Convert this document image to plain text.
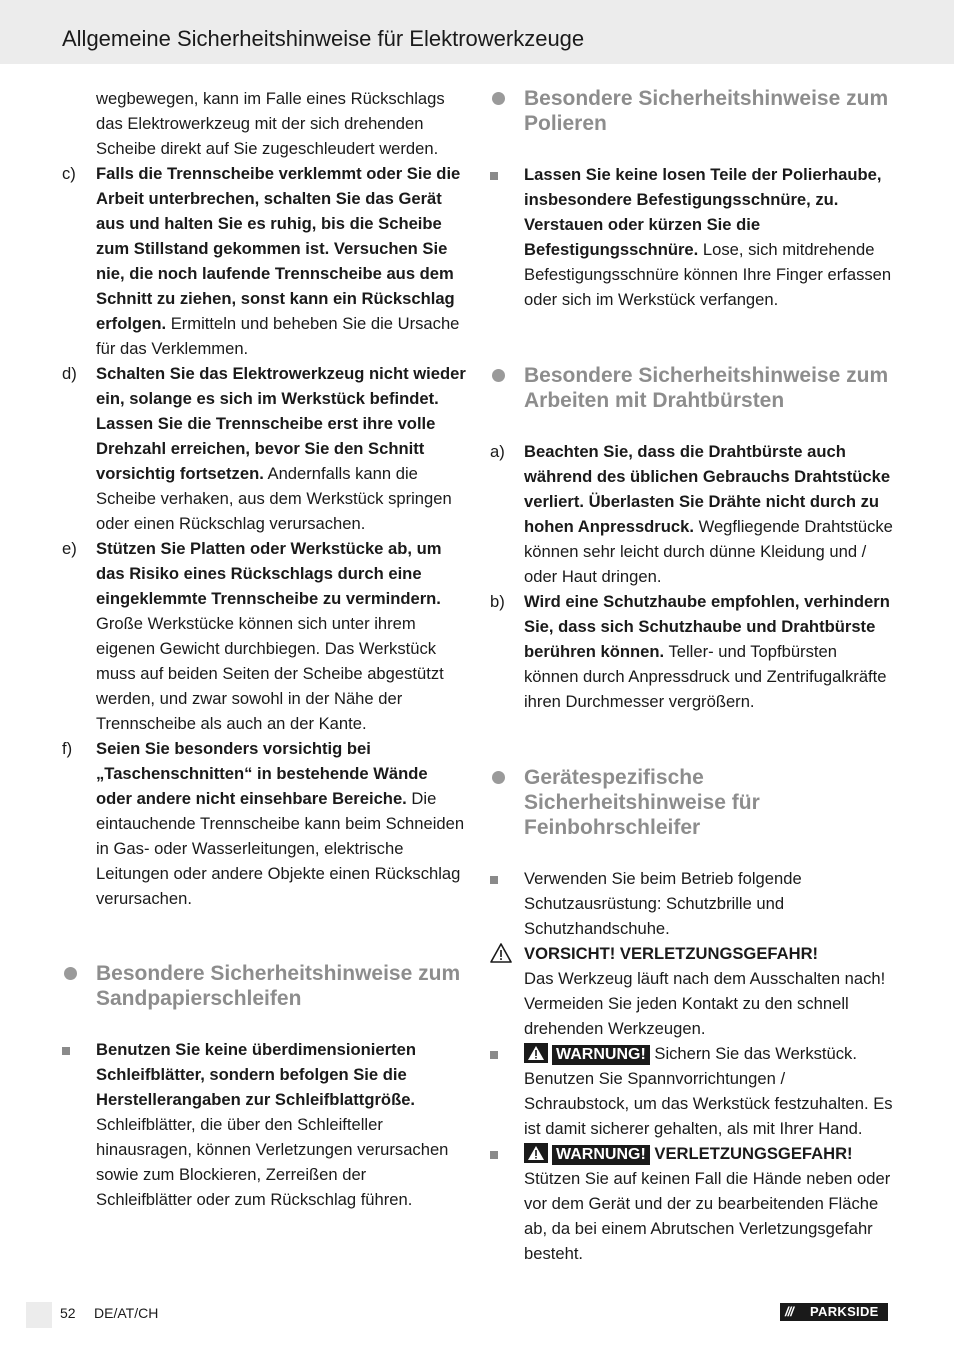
Allgemeine Sicherheitshinweise für Elektrowerkzeuge

wegbewegen, kann im Falle eines Rückschlags das Elektrowerkzeug mit der sich drehenden Scheibe direkt auf Sie zugeschleudert werden.

c)	Falls die Trennscheibe verklemmt oder Sie die Arbeit unterbrechen, schalten Sie das Gerät aus und halten Sie es ruhig, bis die Scheibe zum Stillstand gekommen ist. Versuchen Sie nie, die noch laufende Trennscheibe aus dem Schnitt zu ziehen, sonst kann ein Rückschlag erfolgen. Ermitteln und beheben Sie die Ursache für das Verklemmen.
d)	Schalten Sie das Elektrowerkzeug nicht wieder ein, solange es sich im Werkstück befindet. Lassen Sie die Trennscheibe erst ihre volle Drehzahl erreichen, bevor Sie den Schnitt vorsichtig fortsetzen. Andernfalls kann die Scheibe verhaken, aus dem Werkstück springen oder einen Rückschlag verursachen.
e)	Stützen Sie Platten oder Werkstücke ab, um das Risiko eines Rückschlags durch eine eingeklemmte Trennscheibe zu vermindern. Große Werkstücke können sich unter ihrem eigenen Gewicht durchbiegen. Das Werkstück muss auf beiden Seiten der Scheibe abgestützt werden, und zwar sowohl in der Nähe der Trennscheibe als auch an der Kante.
f)	Seien Sie besonders vorsichtig bei „Taschenschnitten“ in bestehende Wände oder andere nicht einsehbare Bereiche. Die eintauchende Trennscheibe kann beim Schneiden in Gas- oder Wasserleitungen, elektrische Leitungen oder andere Objekte einen Rückschlag verursachen.
Besondere Sicherheitshinweise zum Sandpapierschleifen
Benutzen Sie keine überdimensionierten Schleifblätter, sondern befolgen Sie die Herstellerangaben zur Schleifblattgröße. Schleifblätter, die über den Schleifteller hinausragen, können Verletzungen verursachen sowie zum Blockieren, Zerreißen der Schleifblätter oder zum Rückschlag führen.
Besondere Sicherheitshinweise zum Polieren
Lassen Sie keine losen Teile der Polierhaube, insbesondere Befestigungsschnüre, zu. Verstauen oder kürzen Sie die Befestigungsschnüre. Lose, sich mitdrehende Befestigungsschnüre können Ihre Finger erfassen oder sich im Werkstück verfangen.
Besondere Sicherheitshinweise zum Arbeiten mit Drahtbürsten
a)	Beachten Sie, dass die Drahtbürste auch während des üblichen Gebrauchs Drahtstücke verliert. Überlasten Sie Drähte nicht durch zu hohen Anpressdruck. Wegfliegende Drahtstücke können sehr leicht durch dünne Kleidung und / oder Haut dringen.
b)	Wird eine Schutzhaube empfohlen, verhindern Sie, dass sich Schutzhaube und Drahtbürste berühren können. Teller- und Topfbürsten können durch Anpressdruck und Zentrifugalkräfte ihren Durchmesser vergrößern.
Gerätespezifische Sicherheitshinweise für Feinbohrschleifer
Verwenden Sie beim Betrieb folgende Schutzausrüstung: Schutzbrille und Schutzhandschuhe.
VORSICHT! VERLETZUNGSGEFAHR!
Das Werkzeug läuft nach dem Ausschalten nach! Vermeiden Sie jeden Kontakt zu den schnell drehenden Werkzeugen.
WARNUNG! Sichern Sie das Werkstück. Benutzen Sie Spannvorrichtungen / Schraubstock, um das Werkstück festzuhalten. Es ist damit sicherer gehalten, als mit Ihrer Hand.
WARNUNG! VERLETZUNGSGEFAHR!
Stützen Sie auf keinen Fall die Hände neben oder vor dem Gerät und der zu bearbeitenden Fläche ab, da bei einem Abrutschen Verletzungsgefahr besteht.
52 DE/AT/CH	/// PARKSIDE
